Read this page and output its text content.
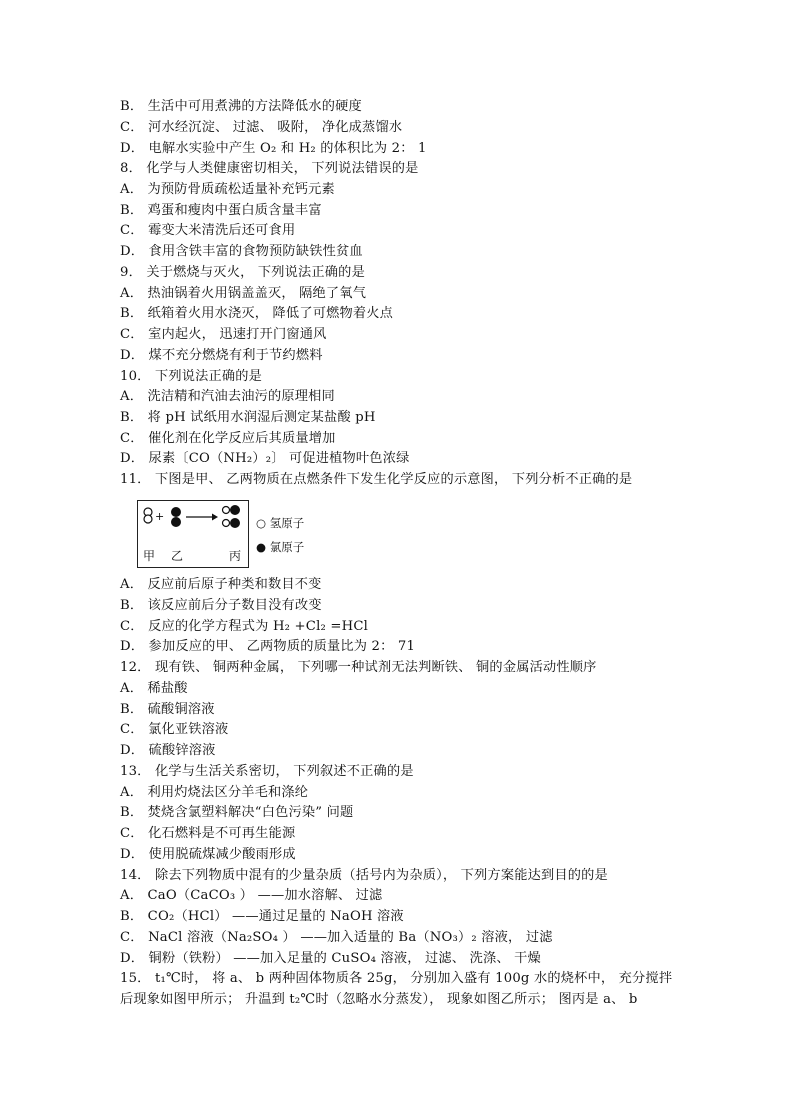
B． 生活中可用煮沸的方法降低水的硬度
C． 河水经沉淀、 过滤、 吸附， 净化成蒸馏水
D． 电解水实验中产生 O₂ 和 H₂ 的体积比为 2： 1
8． 化学与人类健康密切相关， 下列说法错误的是
A． 为预防骨质疏松适量补充钙元素
B． 鸡蛋和瘦肉中蛋白质含量丰富
C． 霉变大米清洗后还可食用
D． 食用含铁丰富的食物预防缺铁性贫血
9． 关于燃烧与灭火， 下列说法正确的是
A． 热油锅着火用锅盖盖灭， 隔绝了氧气
B． 纸箱着火用水浇灭， 降低了可燃物着火点
C． 室内起火， 迅速打开门窗通风
D． 煤不充分燃烧有利于节约燃料
10． 下列说法正确的是
A． 洗洁精和汽油去油污的原理相同
B． 将 pH 试纸用水润湿后测定某盐酸 pH
C． 催化剂在化学反应后其质量增加
D． 尿素〔CO（NH₂）₂〕 可促进植物叶色浓绿
11． 下图是甲、 乙两物质在点燃条件下发生化学反应的示意图， 下列分析不正确的是
+
甲 乙	丙
○ 氢原子
● 氯原子
A． 反应前后原子种类和数目不变
B． 该反应前后分子数目没有改变
C． 反应的化学方程式为 H₂ +Cl₂ =HCl
D． 参加反应的甲、 乙两物质的质量比为 2： 71
12． 现有铁、 铜两种金属， 下列哪一种试剂无法判断铁、 铜的金属活动性顺序
A． 稀盐酸
B． 硫酸铜溶液
C． 氯化亚铁溶液
D． 硫酸锌溶液
13． 化学与生活关系密切， 下列叙述不正确的是
A． 利用灼烧法区分羊毛和涤纶
B． 焚烧含氯塑料解决“白色污染” 问题
C． 化石燃料是不可再生能源
D． 使用脱硫煤减少酸雨形成
14． 除去下列物质中混有的少量杂质（括号内为杂质）， 下列方案能达到目的的是
A． CaO（CaCO₃ ） ——加水溶解、 过滤
B． CO₂（HCl） ——通过足量的 NaOH 溶液
C． NaCl 溶液（Na₂SO₄ ） ——加入适量的 Ba（NO₃）₂ 溶液， 过滤
D． 铜粉（铁粉） ——加入足量的 CuSO₄ 溶液， 过滤、 洗涤、 干燥
15． t₁℃时， 将 a、 b 两种固体物质各 25g， 分别加入盛有 100g 水的烧杯中， 充分搅拌
后现象如图甲所示； 升温到 t₂℃时（忽略水分蒸发）， 现象如图乙所示； 图丙是 a、 b
